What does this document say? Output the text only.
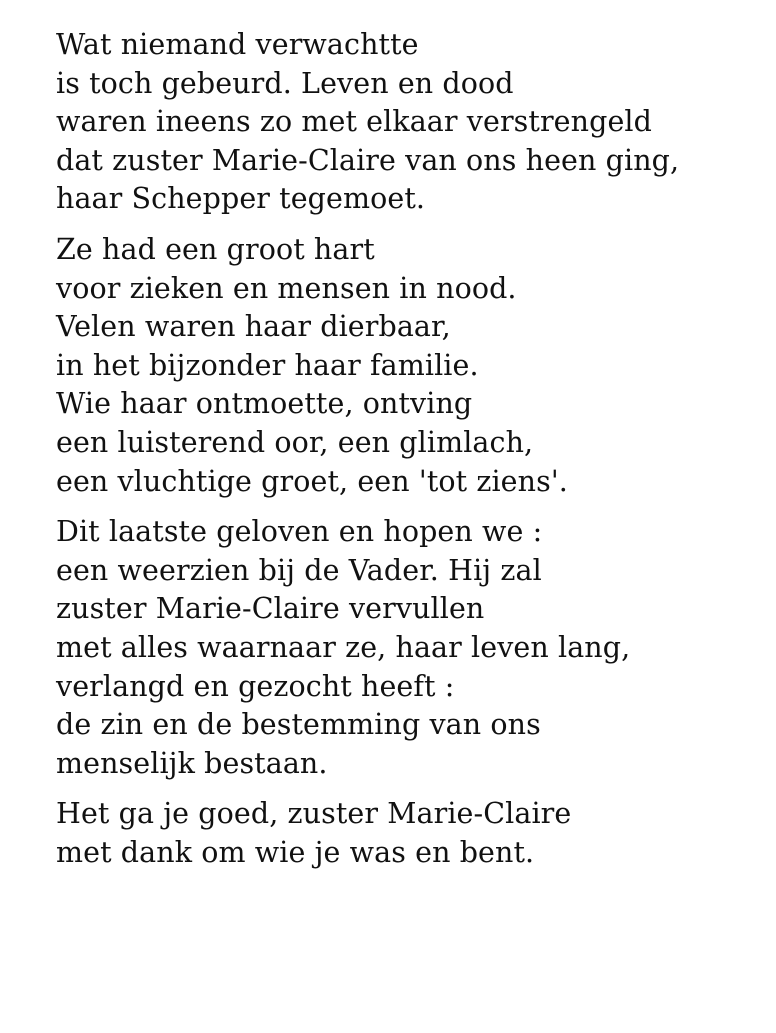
Wat niemand verwachtte
is toch gebeurd. Leven en dood
waren ineens zo met elkaar verstrengeld
dat zuster Marie-Claire van ons heen ging,
haar Schepper tegemoet.
Ze had een groot hart
voor zieken en mensen in nood.
Velen waren haar dierbaar,
in het bijzonder haar familie.
Wie haar ontmoette, ontving
een luisterend oor, een glimlach,
een vluchtige groet, een 'tot ziens'.
Dit laatste geloven en hopen we :
een weerzien bij de Vader. Hij zal
zuster Marie-Claire vervullen
met alles waarnaar ze, haar leven lang,
verlangd en gezocht heeft :
de zin en de bestemming van ons
menselijk bestaan.
Het ga je goed, zuster Marie-Claire
met dank om wie je was en bent.
